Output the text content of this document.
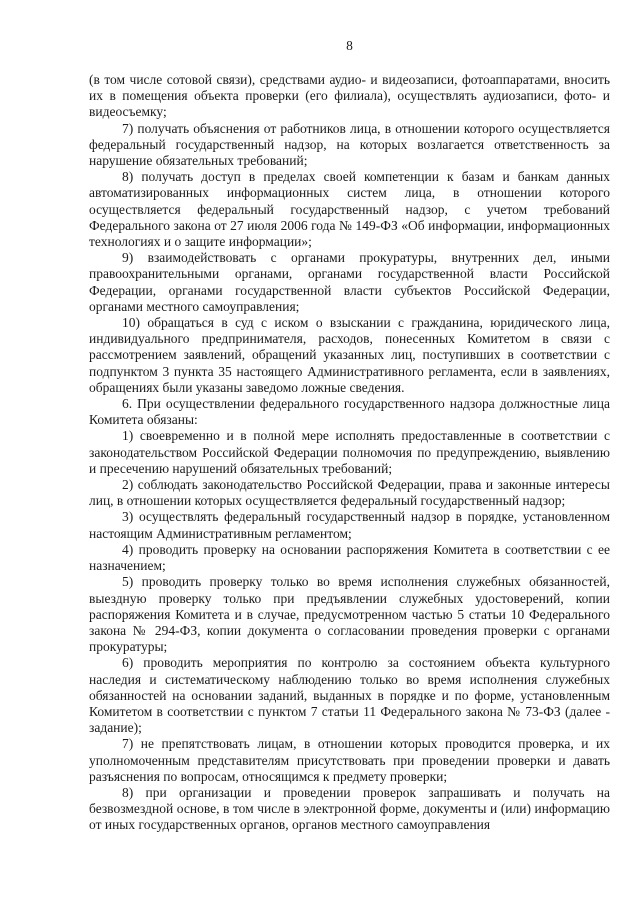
8

(в том числе сотовой связи), средствами аудио- и видеозаписи, фотоаппаратами, вносить их в помещения объекта проверки (его филиала), осуществлять аудиозаписи, фото- и видеосъемку;

7) получать объяснения от работников лица, в отношении которого осуществляется федеральный государственный надзор, на которых возлагается ответственность за нарушение обязательных требований;

8) получать доступ в пределах своей компетенции к базам и банкам данных автоматизированных информационных систем лица, в отношении которого осуществляется федеральный государственный надзор, с учетом требований Федерального закона от 27 июля 2006 года № 149-ФЗ «Об информации, информационных технологиях и о защите информации»;

9) взаимодействовать с органами прокуратуры, внутренних дел, иными правоохранительными органами, органами государственной власти Российской Федерации, органами государственной власти субъектов Российской Федерации, органами местного самоуправления;

10) обращаться в суд с иском о взыскании с гражданина, юридического лица, индивидуального предпринимателя, расходов, понесенных Комитетом в связи с рассмотрением заявлений, обращений указанных лиц, поступивших в соответствии с подпунктом 3 пункта 35 настоящего Административного регламента, если в заявлениях, обращениях были указаны заведомо ложные сведения.

6. При осуществлении федерального государственного надзора должностные лица Комитета обязаны:

1) своевременно и в полной мере исполнять предоставленные в соответствии с законодательством Российской Федерации полномочия по предупреждению, выявлению и пресечению нарушений обязательных требований;

2) соблюдать законодательство Российской Федерации, права и законные интересы лиц, в отношении которых осуществляется федеральный государственный надзор;

3) осуществлять федеральный государственный надзор в порядке, установленном настоящим Административным регламентом;

4) проводить проверку на основании распоряжения Комитета в соответствии с ее назначением;

5) проводить проверку только во время исполнения служебных обязанностей, выездную проверку только при предъявлении служебных удостоверений, копии распоряжения Комитета и в случае, предусмотренном частью 5 статьи 10 Федерального закона № 294-ФЗ, копии документа о согласовании проведения проверки с органами прокуратуры;

6) проводить мероприятия по контролю за состоянием объекта культурного наследия и систематическому наблюдению только во время исполнения служебных обязанностей на основании заданий, выданных в порядке и по форме, установленным Комитетом в соответствии с пунктом 7 статьи 11 Федерального закона № 73-ФЗ (далее - задание);

7) не препятствовать лицам, в отношении которых проводится проверка, и их уполномоченным представителям присутствовать при проведении проверки и давать разъяснения по вопросам, относящимся к предмету проверки;

8) при организации и проведении проверок запрашивать и получать на безвозмездной основе, в том числе в электронной форме, документы и (или) информацию от иных государственных органов, органов местного самоуправления
